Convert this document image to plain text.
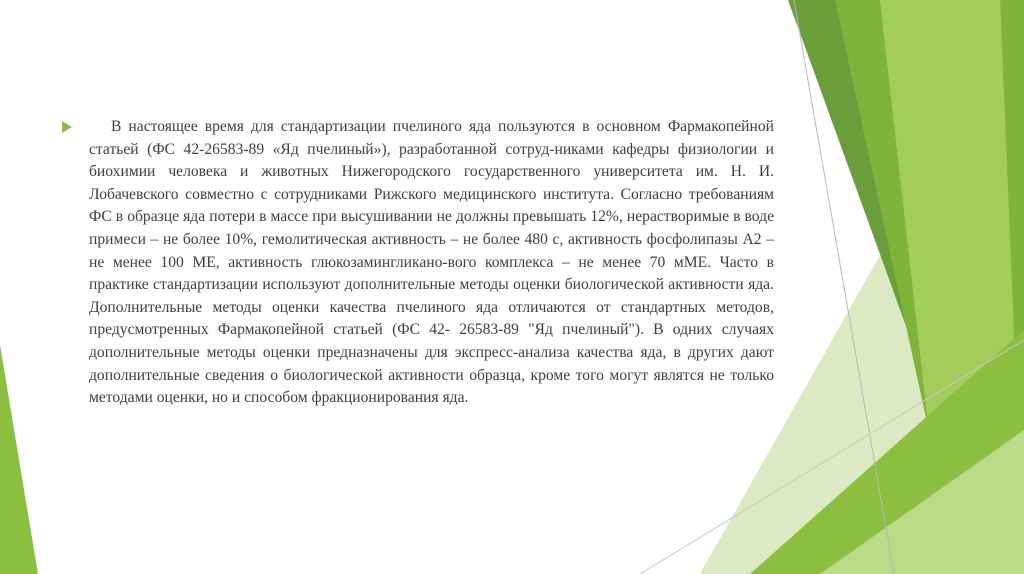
В настоящее время для стандартизации пчелиного яда пользуются в основном Фармакопейной статьей (ФС 42-26583-89 «Яд пчелиный»), разработанной сотруд-никами кафедры физиологии и биохимии человека и животных Нижегородского государственного университета им. Н. И. Лобачевского совместно с сотрудниками Рижского медицинского института. Согласно требованиям ФС в образце яда потери в массе при высушивании не должны превышать 12%, нерастворимые в воде примеси – не более 10%, гемолитическая активность – не более 480 с, активность фосфолипазы А2 – не менее 100 МЕ, активность глюкозамингликано-вого комплекса – не менее 70 мМЕ. Часто в практике стандартизации используют дополнительные методы оценки биологической активности яда. Дополнительные методы оценки качества пчелиного яда отличаются от стандартных методов, предусмотренных Фармакопейной статьей (ФС 42- 26583-89 "Яд пчелиный"). В одних случаях дополнительные методы оценки предназначены для экспресс-анализа качества яда, в других дают дополнительные сведения о биологической активности образца, кроме того могут являтся не только методами оценки, но и способом фракционирования яда.
